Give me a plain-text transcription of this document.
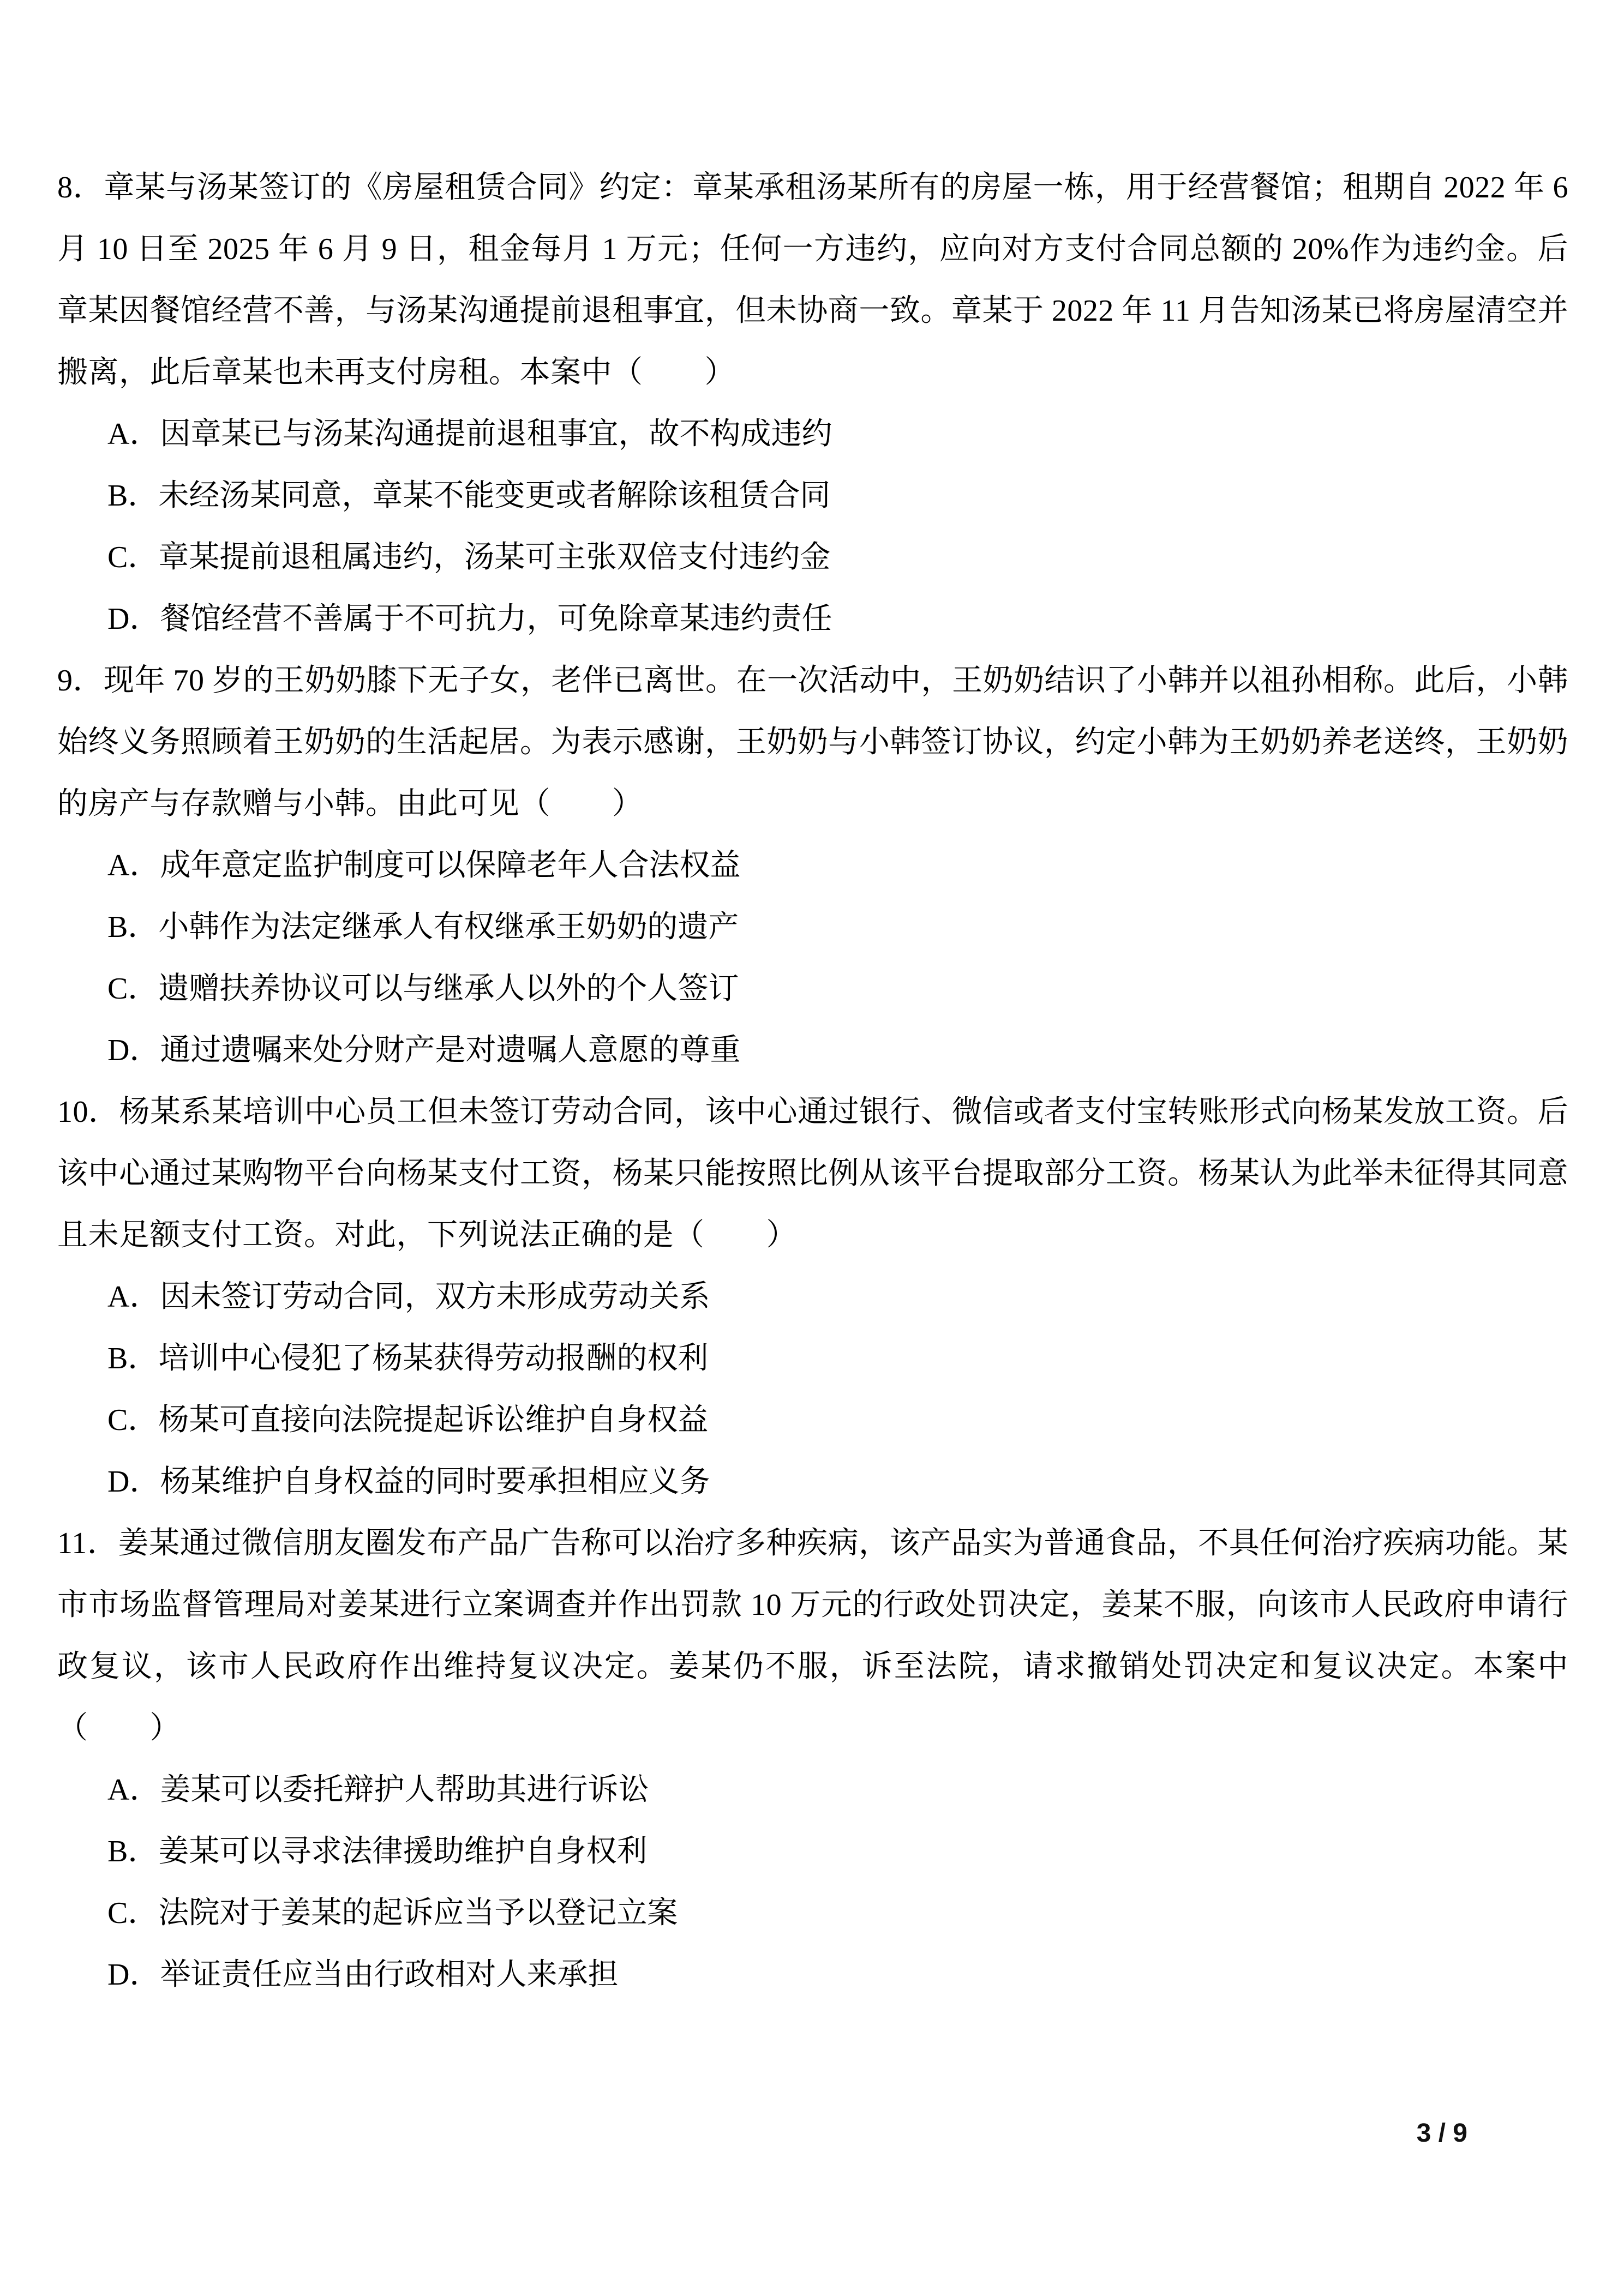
8．章某与汤某签订的《房屋租赁合同》约定：章某承租汤某所有的房屋一栋，用于经营餐馆；租期自 2022 年 6 月 10 日至 2025 年 6 月 9 日，租金每月 1 万元；任何一方违约，应向对方支付合同总额的 20%作为违约金。后章某因餐馆经营不善，与汤某沟通提前退租事宜，但未协商一致。章某于 2022 年 11 月告知汤某已将房屋清空并搬离，此后章某也未再支付房租。本案中（　　）

A．因章某已与汤某沟通提前退租事宜，故不构成违约

B．未经汤某同意，章某不能变更或者解除该租赁合同

C．章某提前退租属违约，汤某可主张双倍支付违约金

D．餐馆经营不善属于不可抗力，可免除章某违约责任

9．现年 70 岁的王奶奶膝下无子女，老伴已离世。在一次活动中，王奶奶结识了小韩并以祖孙相称。此后，小韩始终义务照顾着王奶奶的生活起居。为表示感谢，王奶奶与小韩签订协议，约定小韩为王奶奶养老送终，王奶奶的房产与存款赠与小韩。由此可见（　　）

A．成年意定监护制度可以保障老年人合法权益

B．小韩作为法定继承人有权继承王奶奶的遗产

C．遗赠扶养协议可以与继承人以外的个人签订

D．通过遗嘱来处分财产是对遗嘱人意愿的尊重

10．杨某系某培训中心员工但未签订劳动合同，该中心通过银行、微信或者支付宝转账形式向杨某发放工资。后该中心通过某购物平台向杨某支付工资，杨某只能按照比例从该平台提取部分工资。杨某认为此举未征得其同意且未足额支付工资。对此，下列说法正确的是（　　）

A．因未签订劳动合同，双方未形成劳动关系

B．培训中心侵犯了杨某获得劳动报酬的权利

C．杨某可直接向法院提起诉讼维护自身权益

D．杨某维护自身权益的同时要承担相应义务

11．姜某通过微信朋友圈发布产品广告称可以治疗多种疾病，该产品实为普通食品，不具任何治疗疾病功能。某市市场监督管理局对姜某进行立案调查并作出罚款 10 万元的行政处罚决定，姜某不服，向该市人民政府申请行政复议，该市人民政府作出维持复议决定。姜某仍不服，诉至法院，请求撤销处罚决定和复议决定。本案中（　　）

A．姜某可以委托辩护人帮助其进行诉讼

B．姜某可以寻求法律援助维护自身权利

C．法院对于姜某的起诉应当予以登记立案

D．举证责任应当由行政相对人来承担

3 / 9
